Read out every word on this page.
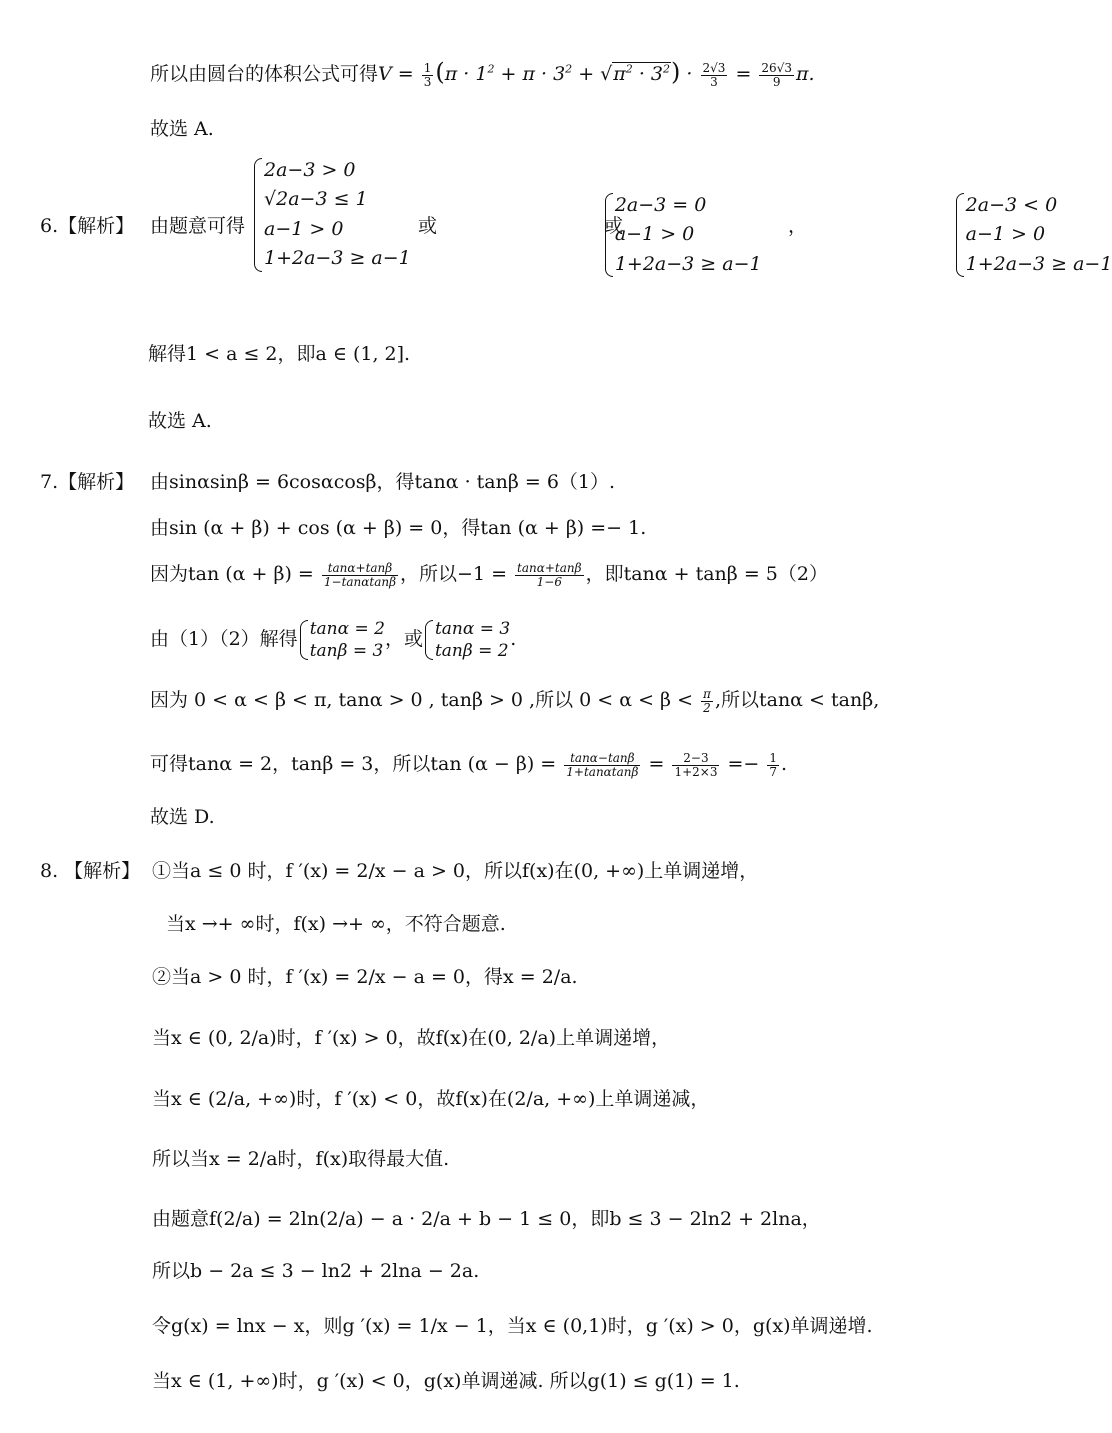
所以由圆台的体积公式可得$V = \frac{1}{3} (\pi \cdot 1^2 + \pi \cdot 3^2 + √\pi^2 \cdot 3^2) \cdot \frac{2√3}{3} = \frac{26√3}{9} \pi$.
故选 A.
6.【解析】 由题意可得
2a−3 > 0
√2a−3 ≤ 1
a−1 > 0
1+2a−3 ≥ a−1

或
2a−3 = 0
a−1 > 0
1+2a−3 ≥ a−1

或
2a−3 < 0
a−1 > 0
1+2a−3 ≥ a−1
，
解得1 < a ≤ 2，即a ∈ (1, 2].
故选 A.
7.【解析】 由sinαsinβ = 6cosαcosβ，得tanα · tanβ = 6（1）.
由sin (α + β) + cos (α + β) = 0，得tan (α + β) =− 1.
因为$\tan (\alpha + \beta) = \frac{\tan\alpha+\tan\beta}{1-\tan\alpha\tan\beta}$ ，所以$-1 = \frac{\tan\alpha+\tan\beta}{1-6}$ ，即tanα + tanβ = 5（2）
由（1）（2）解得 tanα = 2
tanβ = 3
，或 tanα = 3
tanβ = 2
.
因为 0 < α < β < π, tanα > 0 , tanβ > 0 ,所以 $0 < \alpha < \beta < \frac{\pi}{2}$ ,所以tanα < tanβ,
可得tanα = 2，tanβ = 3，所以$\tan (\alpha - \beta) = \frac{\tan\alpha-\tan\beta}{1+\tan\alpha\tan\beta} = \frac{2-3}{1+2\times 3} =- \frac{1}{7}$ .
故选 D.
8. 【解析】 ①当a ≤ 0 时，f ′(x) = 2/x − a > 0，所以f(x)在(0, +∞)上单调递增，
当x →+ ∞时，f(x) →+ ∞，不符合题意.
②当a > 0 时，f ′(x) = 2/x − a = 0，得x = 2/a.
当x ∈ (0, 2/a)时，f ′(x) > 0，故f(x)在(0, 2/a)上单调递增，
当x ∈ (2/a, +∞)时，f ′(x) < 0，故f(x)在(2/a, +∞)上单调递减，
所以当x = 2/a时，f(x)取得最大值.
由题意f(2/a) = 2ln(2/a) − a · 2/a + b − 1 ≤ 0，即b ≤ 3 − 2ln2 + 2lna，
所以b − 2a ≤ 3 − ln2 + 2lna − 2a.
令g(x) = lnx − x，则g ′(x) = 1/x − 1，当x ∈ (0,1)时，g ′(x) > 0，g(x)单调递增.
当x ∈ (1, +∞)时，g ′(x) < 0，g(x)单调递减. 所以g(1) ≤ g(1) = 1.
